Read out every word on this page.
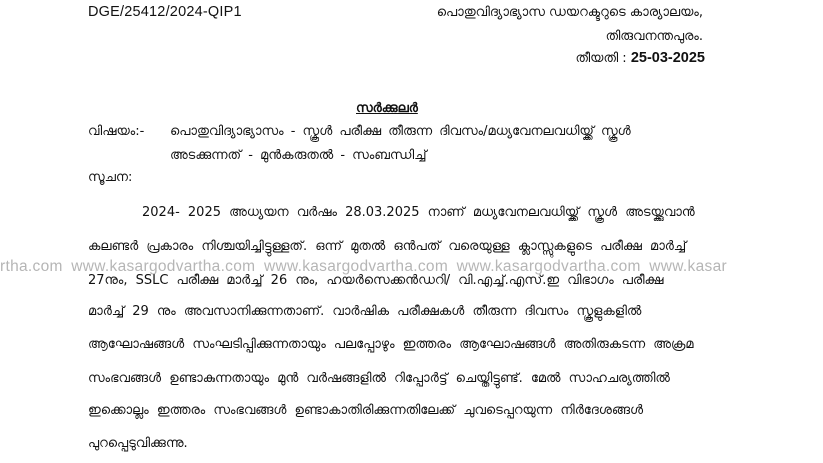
DGE/25412/2024-QIP1	പൊതുവിദ്യാഭ്യാസ ഡയറക്ടറുടെ കാര്യാലയം,
തിരുവനന്തപുരം.
തീയതി : 25-03-2025
സർക്കുലർ
വിഷയം:- പൊതുവിദ്യാഭ്യാസം - സ്കൂൾ പരീക്ഷ തീരുന്ന ദിവസം/മധ്യവേനലവധിയ്ക്ക് സ്കൂൾ
അടക്കുന്നത് - മുൻകരുതൽ - സംബന്ധിച്ച്
സൂചന:
2024- 2025 അധ്യയന വർഷം 28.03.2025 നാണ് മധ്യവേനലവധിയ്ക്ക് സ്കൂൾ അടയ്ക്കുവാൻ
കലണ്ടർ പ്രകാരം നിശ്ചയിച്ചിട്ടുള്ളത്. ഒന്ന് മുതൽ ഒൻപത് വരെയുള്ള ക്ലാസ്സുകളുടെ പരീക്ഷ മാർച്ച്
27നും, SSLC പരീക്ഷ മാർച്ച് 26 നും, ഹയർസെക്കൻഡറി/ വി.എച്ച്.എസ്.ഇ വിഭാഗം പരീക്ഷ
മാർച്ച് 29 നും അവസാനിക്കുന്നതാണ്. വാർഷിക പരീക്ഷകൾ തീരുന്ന ദിവസം സ്കൂളുകളിൽ
ആഘോഷങ്ങൾ സംഘടിപ്പിക്കുന്നതായും പലപ്പോഴും ഇത്തരം ആഘോഷങ്ങൾ അതിരുകടന്ന അക്രമ
സംഭവങ്ങൾ ഉണ്ടാകുന്നതായും മുൻ വർഷങ്ങളിൽ റിപ്പോർട്ട് ചെയ്തിട്ടുണ്ട്. മേൽ സാഹചര്യത്തിൽ
ഇക്കൊല്ലം ഇത്തരം സംഭവങ്ങൾ ഉണ്ടാകാതിരിക്കുന്നതിലേക്ക് ചുവടെപ്പറയുന്ന നിർദേശങ്ങൾ
പുറപ്പെടുവിക്കുന്നു.
rtha.com www.kasargodvartha.com www.kasargodvartha.com www.kasargodvartha.com www.kasar
